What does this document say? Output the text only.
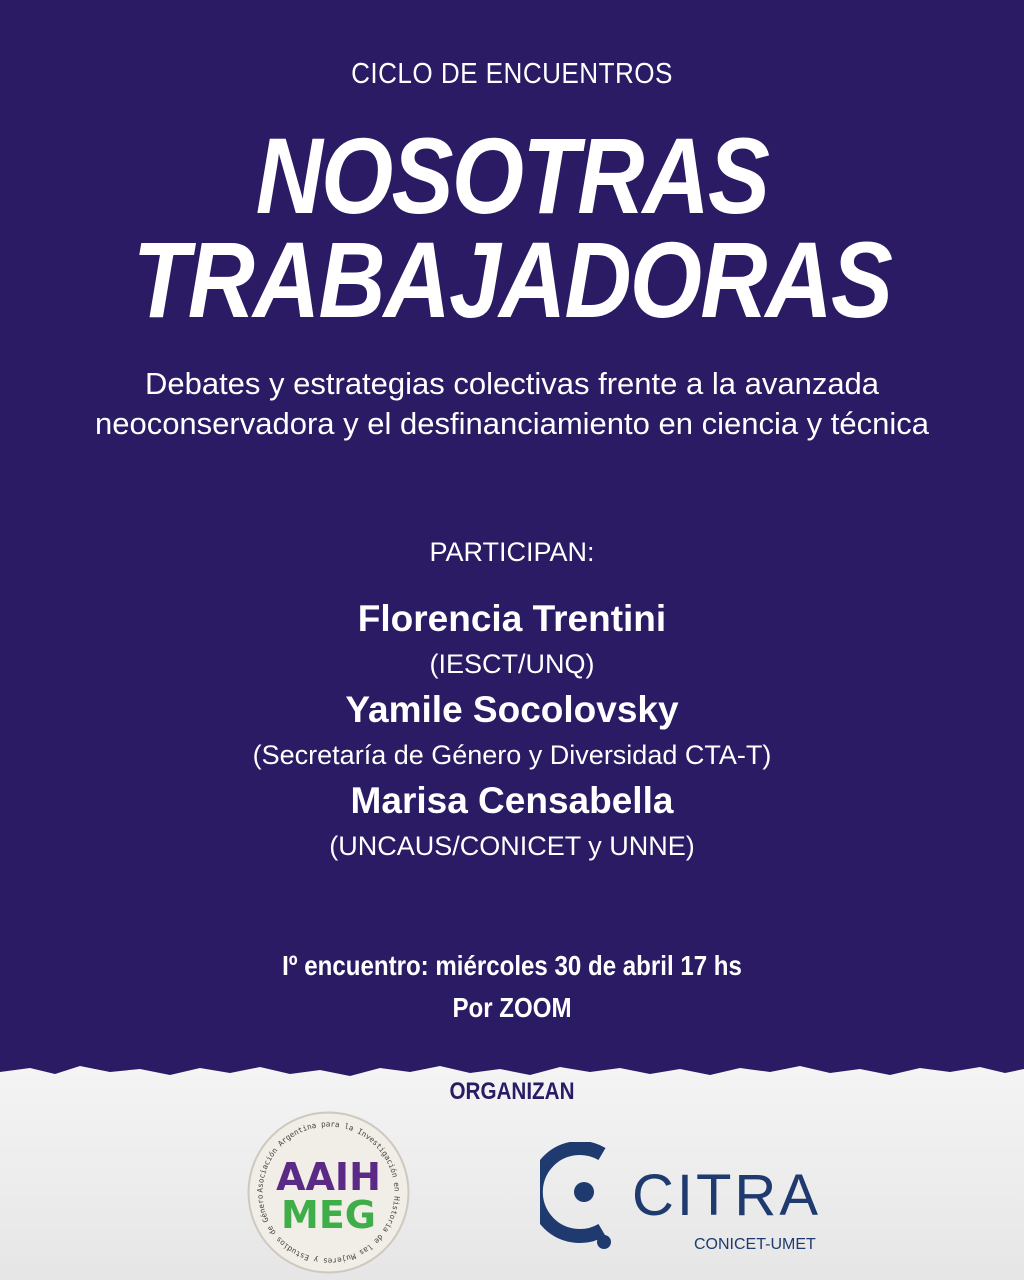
CICLO DE ENCUENTROS
NOSOTRAS
TRABAJADORAS
Debates y estrategias colectivas frente a la avanzada
neoconservadora y el desfinanciamiento en ciencia y técnica
PARTICIPAN:
Florencia Trentini
(IESCT/UNQ)
Yamile Socolovsky
(Secretaría de Género y Diversidad CTA-T)
Marisa Censabella
(UNCAUS/CONICET y UNNE)
Iº encuentro: miércoles 30 de abril 17 hs
Por ZOOM
ORGANIZAN
Asociación Argentina para la Investigación en Historia de las Mujeres y Estudios de Género AAIH
MEG	CITRA
CONICET-UMET
